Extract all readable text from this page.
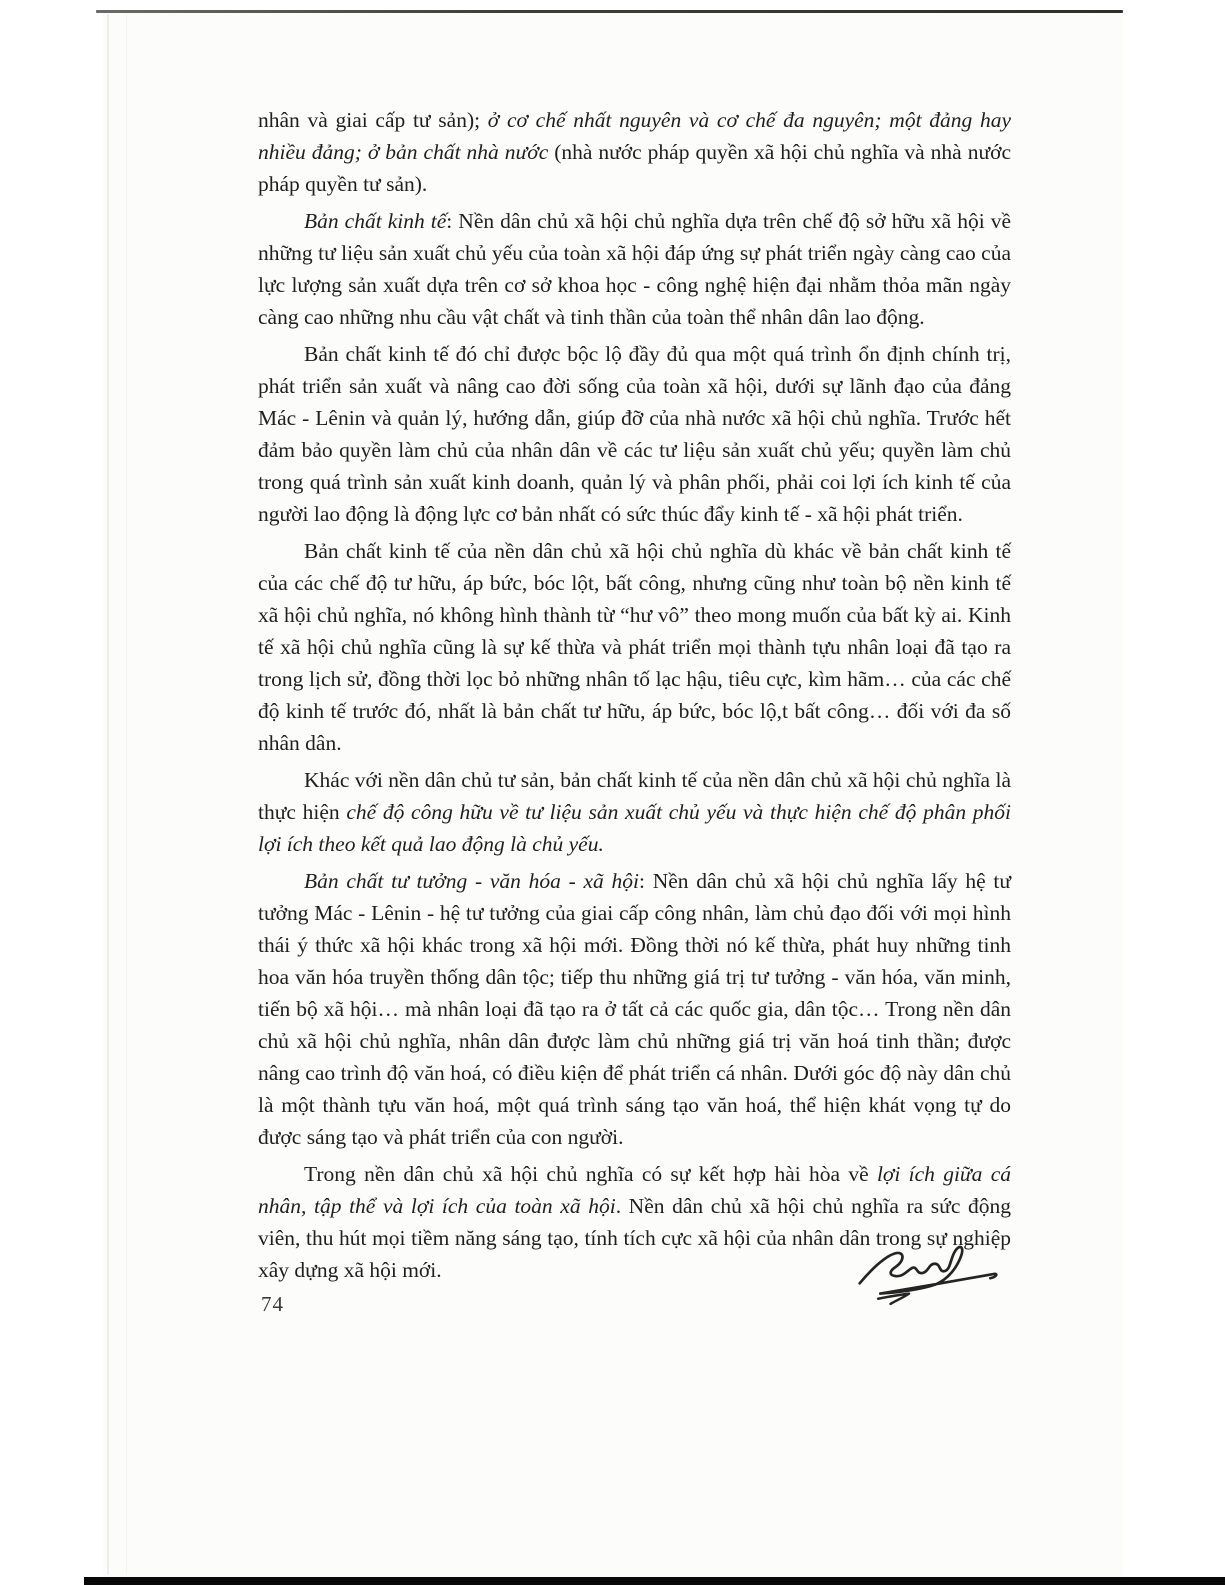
nhân và giai cấp tư sản); ở cơ chế nhất nguyên và cơ chế đa nguyên; một đảng hay nhiều đảng; ở bản chất nhà nước (nhà nước pháp quyền xã hội chủ nghĩa và nhà nước pháp quyền tư sản).

Bản chất kinh tế: Nền dân chủ xã hội chủ nghĩa dựa trên chế độ sở hữu xã hội về những tư liệu sản xuất chủ yếu của toàn xã hội đáp ứng sự phát triển ngày càng cao của lực lượng sản xuất dựa trên cơ sở khoa học - công nghệ hiện đại nhằm thỏa mãn ngày càng cao những nhu cầu vật chất và tinh thần của toàn thể nhân dân lao động.

Bản chất kinh tế đó chỉ được bộc lộ đầy đủ qua một quá trình ổn định chính trị, phát triển sản xuất và nâng cao đời sống của toàn xã hội, dưới sự lãnh đạo của đảng Mác - Lênin và quản lý, hướng dẫn, giúp đỡ của nhà nước xã hội chủ nghĩa. Trước hết đảm bảo quyền làm chủ của nhân dân về các tư liệu sản xuất chủ yếu; quyền làm chủ trong quá trình sản xuất kinh doanh, quản lý và phân phối, phải coi lợi ích kinh tế của người lao động là động lực cơ bản nhất có sức thúc đẩy kinh tế - xã hội phát triển.

Bản chất kinh tế của nền dân chủ xã hội chủ nghĩa dù khác về bản chất kinh tế của các chế độ tư hữu, áp bức, bóc lột, bất công, nhưng cũng như toàn bộ nền kinh tế xã hội chủ nghĩa, nó không hình thành từ “hư vô” theo mong muốn của bất kỳ ai. Kinh tế xã hội chủ nghĩa cũng là sự kế thừa và phát triển mọi thành tựu nhân loại đã tạo ra trong lịch sử, đồng thời lọc bỏ những nhân tố lạc hậu, tiêu cực, kìm hãm… của các chế độ kinh tế trước đó, nhất là bản chất tư hữu, áp bức, bóc lộ,t bất công… đối với đa số nhân dân.

Khác với nền dân chủ tư sản, bản chất kinh tế của nền dân chủ xã hội chủ nghĩa là thực hiện chế độ công hữu về tư liệu sản xuất chủ yếu và thực hiện chế độ phân phối lợi ích theo kết quả lao động là chủ yếu.

Bản chất tư tưởng - văn hóa - xã hội: Nền dân chủ xã hội chủ nghĩa lấy hệ tư tưởng Mác - Lênin - hệ tư tưởng của giai cấp công nhân, làm chủ đạo đối với mọi hình thái ý thức xã hội khác trong xã hội mới. Đồng thời nó kế thừa, phát huy những tinh hoa văn hóa truyền thống dân tộc; tiếp thu những giá trị tư tưởng - văn hóa, văn minh, tiến bộ xã hội… mà nhân loại đã tạo ra ở tất cả các quốc gia, dân tộc… Trong nền dân chủ xã hội chủ nghĩa, nhân dân được làm chủ những giá trị văn hoá tinh thần; được nâng cao trình độ văn hoá, có điều kiện để phát triển cá nhân. Dưới góc độ này dân chủ là một thành tựu văn hoá, một quá trình sáng tạo văn hoá, thể hiện khát vọng tự do được sáng tạo và phát triển của con người.

Trong nền dân chủ xã hội chủ nghĩa có sự kết hợp hài hòa về lợi ích giữa cá nhân, tập thể và lợi ích của toàn xã hội. Nền dân chủ xã hội chủ nghĩa ra sức động viên, thu hút mọi tiềm năng sáng tạo, tính tích cực xã hội của nhân dân trong sự nghiệp xây dựng xã hội mới.

74
